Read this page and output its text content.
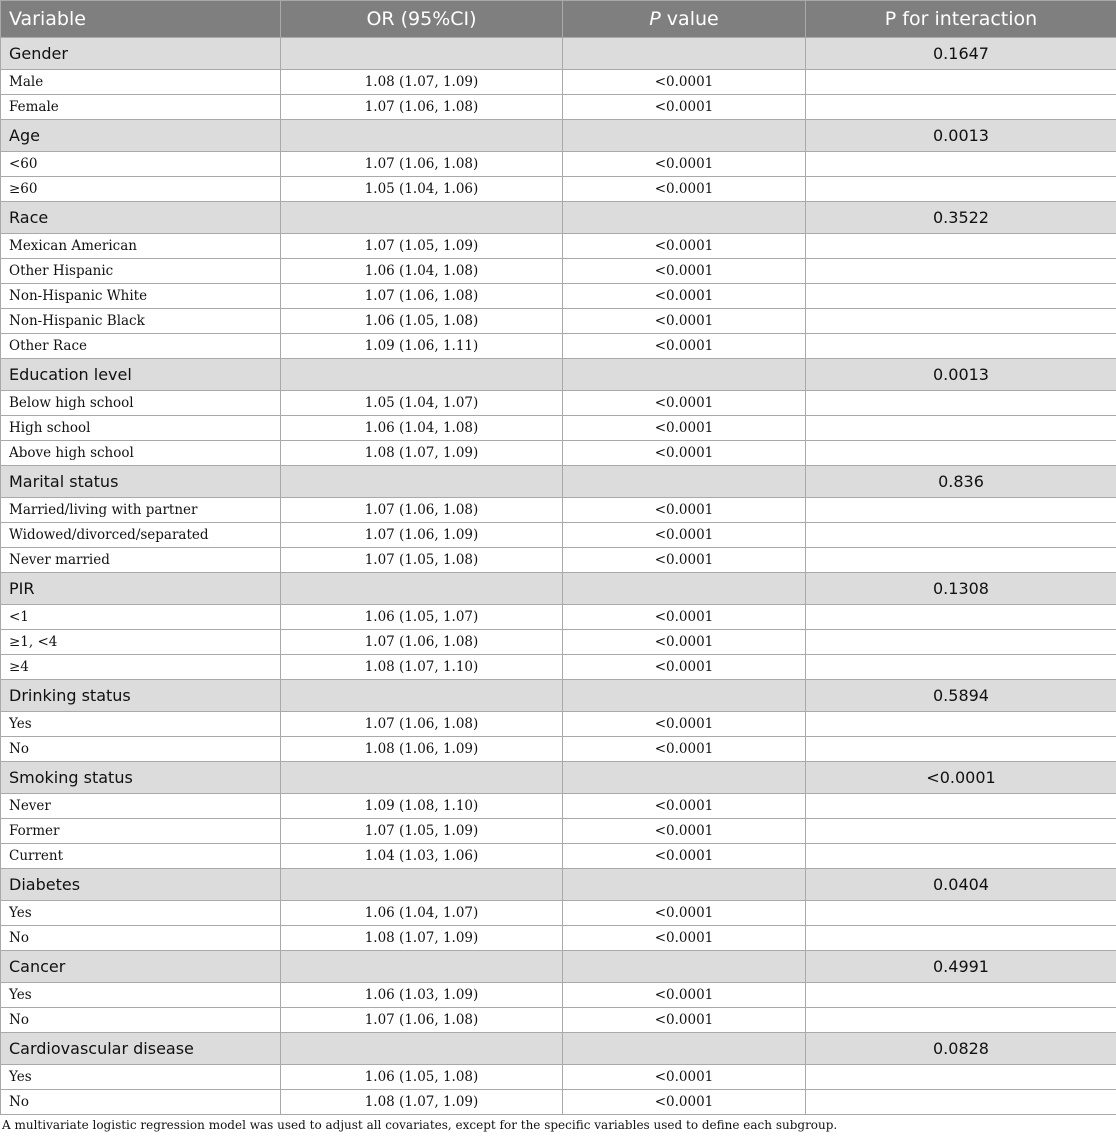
Variable	OR (95%CI)	P value	P for interaction
Gender			0.1647
Male	1.08 (1.07, 1.09)	<0.0001	
Female	1.07 (1.06, 1.08)	<0.0001	
Age			0.0013
<60	1.07 (1.06, 1.08)	<0.0001	
≥60	1.05 (1.04, 1.06)	<0.0001	
Race			0.3522
Mexican American	1.07 (1.05, 1.09)	<0.0001	
Other Hispanic	1.06 (1.04, 1.08)	<0.0001	
Non-Hispanic White	1.07 (1.06, 1.08)	<0.0001	
Non-Hispanic Black	1.06 (1.05, 1.08)	<0.0001	
Other Race	1.09 (1.06, 1.11)	<0.0001	
Education level			0.0013
Below high school	1.05 (1.04, 1.07)	<0.0001	
High school	1.06 (1.04, 1.08)	<0.0001	
Above high school	1.08 (1.07, 1.09)	<0.0001	
Marital status			0.836
Married/living with partner	1.07 (1.06, 1.08)	<0.0001	
Widowed/divorced/separated	1.07 (1.06, 1.09)	<0.0001	
Never married	1.07 (1.05, 1.08)	<0.0001	
PIR			0.1308
<1	1.06 (1.05, 1.07)	<0.0001	
≥1, <4	1.07 (1.06, 1.08)	<0.0001	
≥4	1.08 (1.07, 1.10)	<0.0001	
Drinking status			0.5894
Yes	1.07 (1.06, 1.08)	<0.0001	
No	1.08 (1.06, 1.09)	<0.0001	
Smoking status			<0.0001
Never	1.09 (1.08, 1.10)	<0.0001	
Former	1.07 (1.05, 1.09)	<0.0001	
Current	1.04 (1.03, 1.06)	<0.0001	
Diabetes			0.0404
Yes	1.06 (1.04, 1.07)	<0.0001	
No	1.08 (1.07, 1.09)	<0.0001	
Cancer			0.4991
Yes	1.06 (1.03, 1.09)	<0.0001	
No	1.07 (1.06, 1.08)	<0.0001	
Cardiovascular disease			0.0828
Yes	1.06 (1.05, 1.08)	<0.0001	
No	1.08 (1.07, 1.09)	<0.0001	
A multivariate logistic regression model was used to adjust all covariates, except for the specific variables used to define each subgroup.
